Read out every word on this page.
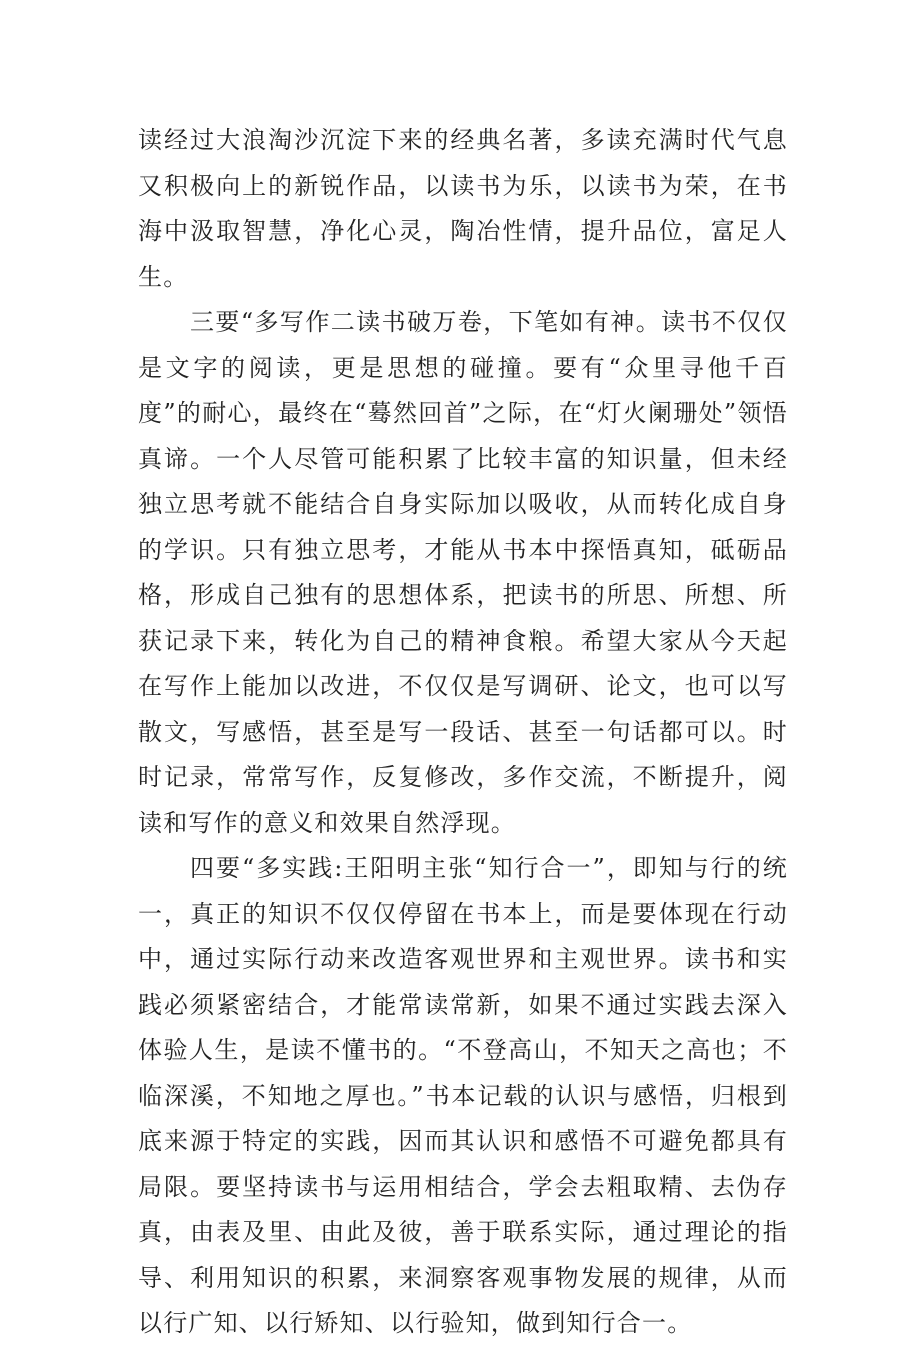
读经过大浪淘沙沉淀下来的经典名著，多读充满时代气息又积极向上的新锐作品，以读书为乐，以读书为荣，在书海中汲取智慧，净化心灵，陶冶性情，提升品位，富足人生。

三要“多写作二读书破万卷，下笔如有神。读书不仅仅是文字的阅读，更是思想的碰撞。要有“众里寻他千百度”的耐心，最终在“蓦然回首”之际，在“灯火阑珊处”领悟真谛。一个人尽管可能积累了比较丰富的知识量，但未经独立思考就不能结合自身实际加以吸收，从而转化成自身的学识。只有独立思考，才能从书本中探悟真知，砥砺品格，形成自己独有的思想体系，把读书的所思、所想、所获记录下来，转化为自己的精神食粮。希望大家从今天起在写作上能加以改进，不仅仅是写调研、论文，也可以写散文，写感悟，甚至是写一段话、甚至一句话都可以。时时记录，常常写作，反复修改，多作交流，不断提升，阅读和写作的意义和效果自然浮现。

四要“多实践:王阳明主张“知行合一”，即知与行的统一，真正的知识不仅仅停留在书本上，而是要体现在行动中，通过实际行动来改造客观世界和主观世界。读书和实践必须紧密结合，才能常读常新，如果不通过实践去深入体验人生，是读不懂书的。“不登高山，不知天之高也；不临深溪，不知地之厚也。”书本记载的认识与感悟，归根到底来源于特定的实践，因而其认识和感悟不可避免都具有局限。要坚持读书与运用相结合，学会去粗取精、去伪存真，由表及里、由此及彼，善于联系实际，通过理论的指导、利用知识的积累，来洞察客观事物发展的规律，从而以行广知、以行矫知、以行验知，做到知行合一。
